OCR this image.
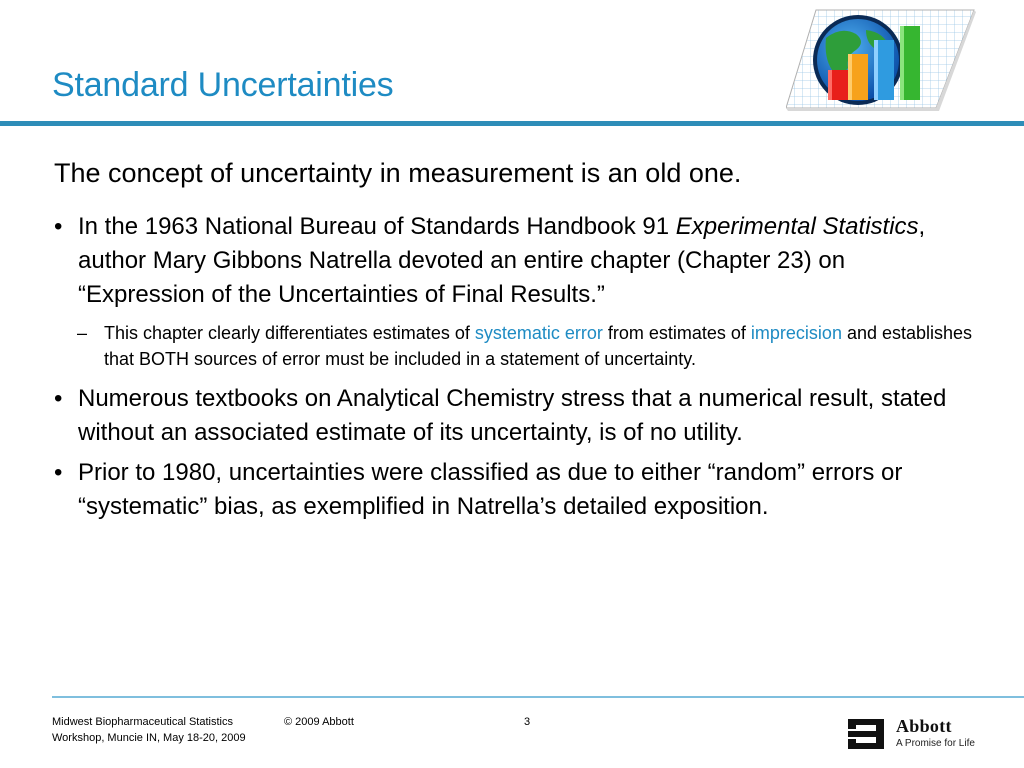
Standard Uncertainties
The concept of uncertainty in measurement is an old one.
• In the 1963 National Bureau of Standards Handbook 91 Experimental Statistics, author Mary Gibbons Natrella devoted an entire chapter (Chapter 23) on “Expression of the Uncertainties of Final Results.”
– This chapter clearly differentiates estimates of systematic error from estimates of imprecision and establishes that BOTH sources of error must be included in a statement of uncertainty.
• Numerous textbooks on Analytical Chemistry stress that a numerical result, stated without an associated estimate of its uncertainty, is of no utility.
• Prior to 1980, uncertainties were classified as due to either “random” errors or “systematic” bias, as exemplified in Natrella’s detailed exposition.
Midwest Biopharmaceutical Statistics
Workshop, Muncie IN, May 18-20, 2009
© 2009 Abbott	3	Abbott
A Promise for Life
